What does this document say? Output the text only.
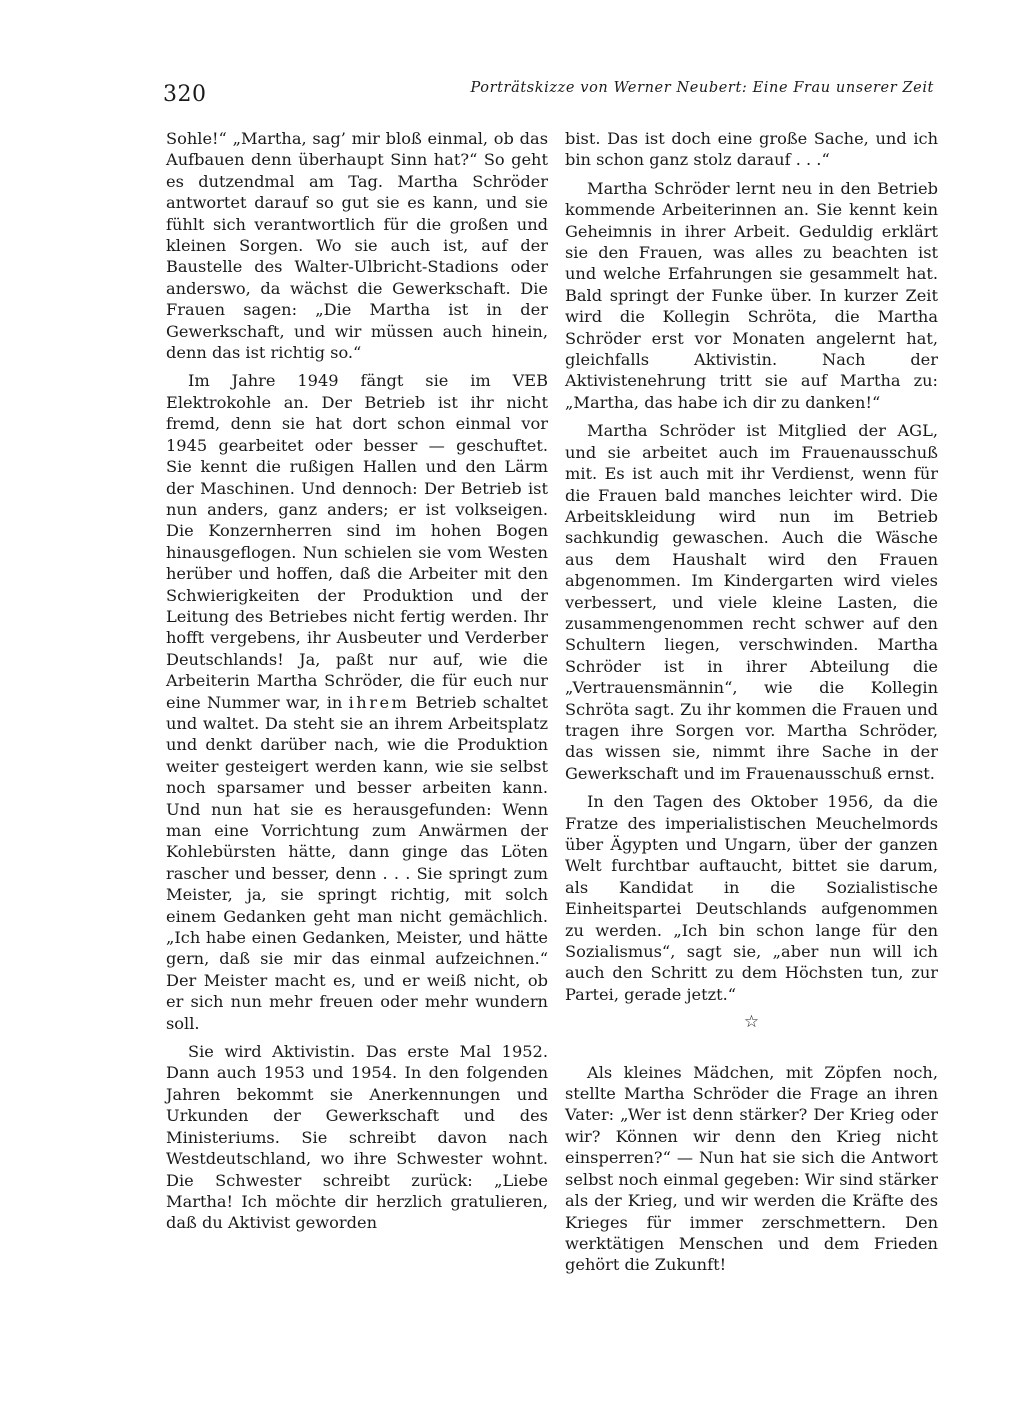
320	Porträtskizze von Werner Neubert: Eine Frau unserer Zeit

Sohle!“ „Martha, sag’ mir bloß einmal, ob das Aufbauen denn überhaupt Sinn hat?“ So geht es dutzendmal am Tag. Martha Schröder antwortet darauf so gut sie es kann, und sie fühlt sich verantwortlich für die großen und kleinen Sorgen. Wo sie auch ist, auf der Baustelle des Walter-Ulbricht-Stadions oder anderswo, da wächst die Gewerkschaft. Die Frauen sagen: „Die Martha ist in der Gewerkschaft, und wir müssen auch hinein, denn das ist richtig so.“

Im Jahre 1949 fängt sie im VEB Elektrokohle an. Der Betrieb ist ihr nicht fremd, denn sie hat dort schon einmal vor 1945 gearbeitet oder besser — geschuftet. Sie kennt die rußigen Hallen und den Lärm der Maschinen. Und dennoch: Der Betrieb ist nun anders, ganz anders; er ist volkseigen. Die Konzernherren sind im hohen Bogen hinausgeflogen. Nun schielen sie vom Westen herüber und hoffen, daß die Arbeiter mit den Schwierigkeiten der Produktion und der Leitung des Betriebes nicht fertig werden. Ihr hofft vergebens, ihr Ausbeuter und Verderber Deutschlands! Ja, paßt nur auf, wie die Arbeiterin Martha Schröder, die für euch nur eine Nummer war, in ihrem Betrieb schaltet und waltet. Da steht sie an ihrem Arbeitsplatz und denkt darüber nach, wie die Produktion weiter gesteigert werden kann, wie sie selbst noch sparsamer und besser arbeiten kann. Und nun hat sie es herausgefunden: Wenn man eine Vorrichtung zum Anwärmen der Kohlebürsten hätte, dann ginge das Löten rascher und besser, denn . . . Sie springt zum Meister, ja, sie springt richtig, mit solch einem Gedanken geht man nicht gemächlich. „Ich habe einen Gedanken, Meister, und hätte gern, daß sie mir das einmal aufzeichnen.“ Der Meister macht es, und er weiß nicht, ob er sich nun mehr freuen oder mehr wundern soll.

Sie wird Aktivistin. Das erste Mal 1952. Dann auch 1953 und 1954. In den folgenden Jahren bekommt sie Anerkennungen und Urkunden der Gewerkschaft und des Ministeriums. Sie schreibt davon nach Westdeutschland, wo ihre Schwester wohnt. Die Schwester schreibt zurück: „Liebe Martha! Ich möchte dir herzlich gratulieren, daß du Aktivist geworden

bist. Das ist doch eine große Sache, und ich bin schon ganz stolz darauf . . .“

Martha Schröder lernt neu in den Betrieb kommende Arbeiterinnen an. Sie kennt kein Geheimnis in ihrer Arbeit. Geduldig erklärt sie den Frauen, was alles zu beachten ist und welche Erfahrungen sie gesammelt hat. Bald springt der Funke über. In kurzer Zeit wird die Kollegin Schröta, die Martha Schröder erst vor Monaten angelernt hat, gleichfalls Aktivistin. Nach der Aktivistenehrung tritt sie auf Martha zu: „Martha, das habe ich dir zu danken!“

Martha Schröder ist Mitglied der AGL, und sie arbeitet auch im Frauenausschuß mit. Es ist auch mit ihr Verdienst, wenn für die Frauen bald manches leichter wird. Die Arbeitskleidung wird nun im Betrieb sachkundig gewaschen. Auch die Wäsche aus dem Haushalt wird den Frauen abgenommen. Im Kindergarten wird vieles verbessert, und viele kleine Lasten, die zusammengenommen recht schwer auf den Schultern liegen, verschwinden. Martha Schröder ist in ihrer Abteilung die „Vertrauensmännin“, wie die Kollegin Schröta sagt. Zu ihr kommen die Frauen und tragen ihre Sorgen vor. Martha Schröder, das wissen sie, nimmt ihre Sache in der Gewerkschaft und im Frauenausschuß ernst.

In den Tagen des Oktober 1956, da die Fratze des imperialistischen Meuchelmords über Ägypten und Ungarn, über der ganzen Welt furchtbar auftaucht, bittet sie darum, als Kandidat in die Sozialistische Einheitspartei Deutschlands aufgenommen zu werden. „Ich bin schon lange für den Sozialismus“, sagt sie, „aber nun will ich auch den Schritt zu dem Höchsten tun, zur Partei, gerade jetzt.“

☆

Als kleines Mädchen, mit Zöpfen noch, stellte Martha Schröder die Frage an ihren Vater: „Wer ist denn stärker? Der Krieg oder wir? Können wir denn den Krieg nicht einsperren?“ — Nun hat sie sich die Antwort selbst noch einmal gegeben: Wir sind stärker als der Krieg, und wir werden die Kräfte des Krieges für immer zerschmettern. Den werktätigen Menschen und dem Frieden gehört die Zukunft!
